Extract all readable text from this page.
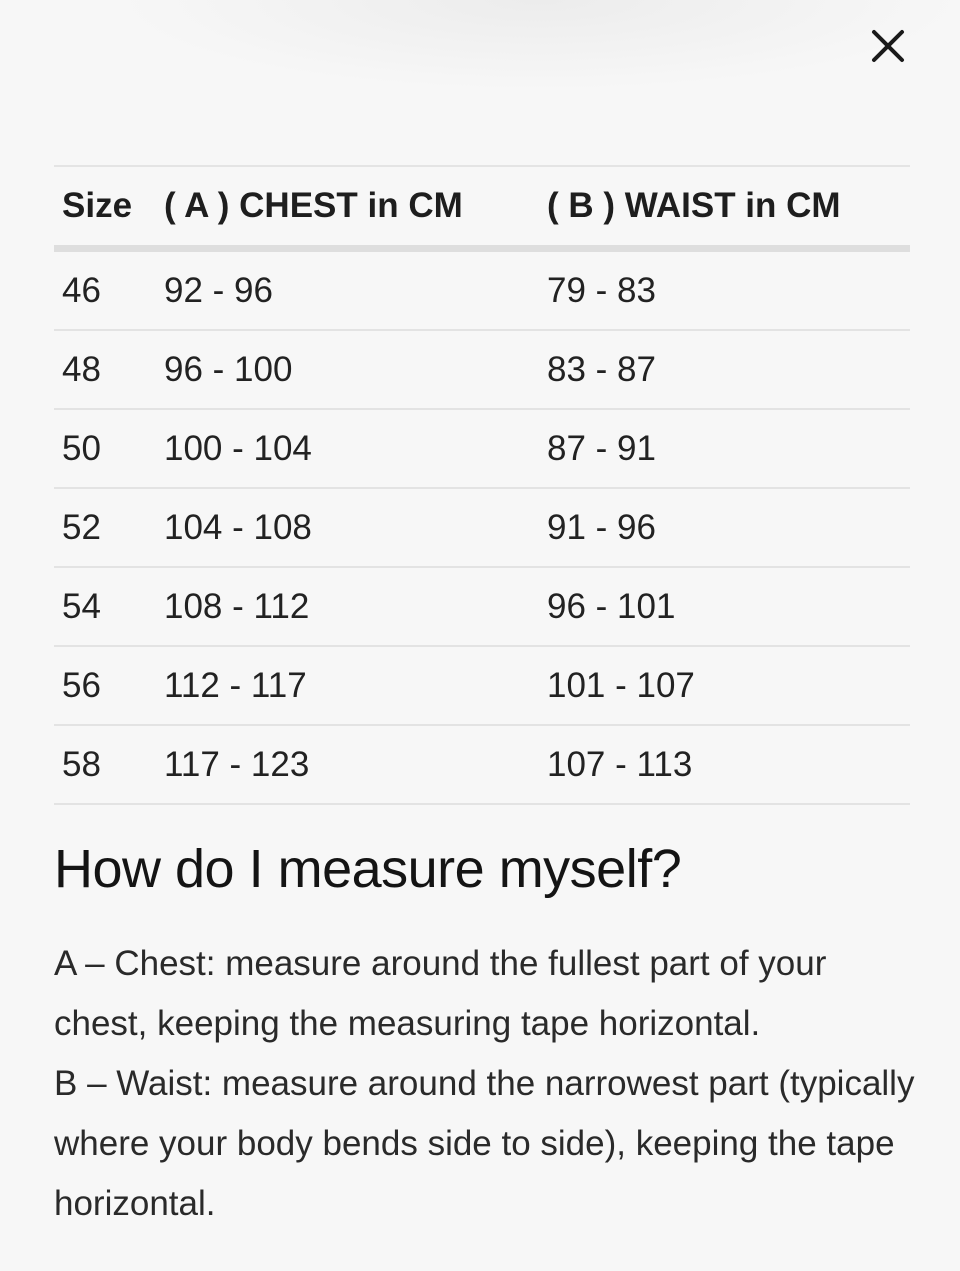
Size	( A ) CHEST in CM	( B ) WAIST in CM
46	92 - 96	79 - 83
48	96 - 100	83 - 87
50	100 - 104	87 - 91
52	104 - 108	91 - 96
54	108 - 112	96 - 101
56	112 - 117	101 - 107
58	117 - 123	107 - 113
How do I measure myself?

A – Chest: measure around the fullest part of your chest, keeping the measuring tape horizontal.

B – Waist: measure around the narrowest part (typically where your body bends side to side), keeping the tape horizontal.
